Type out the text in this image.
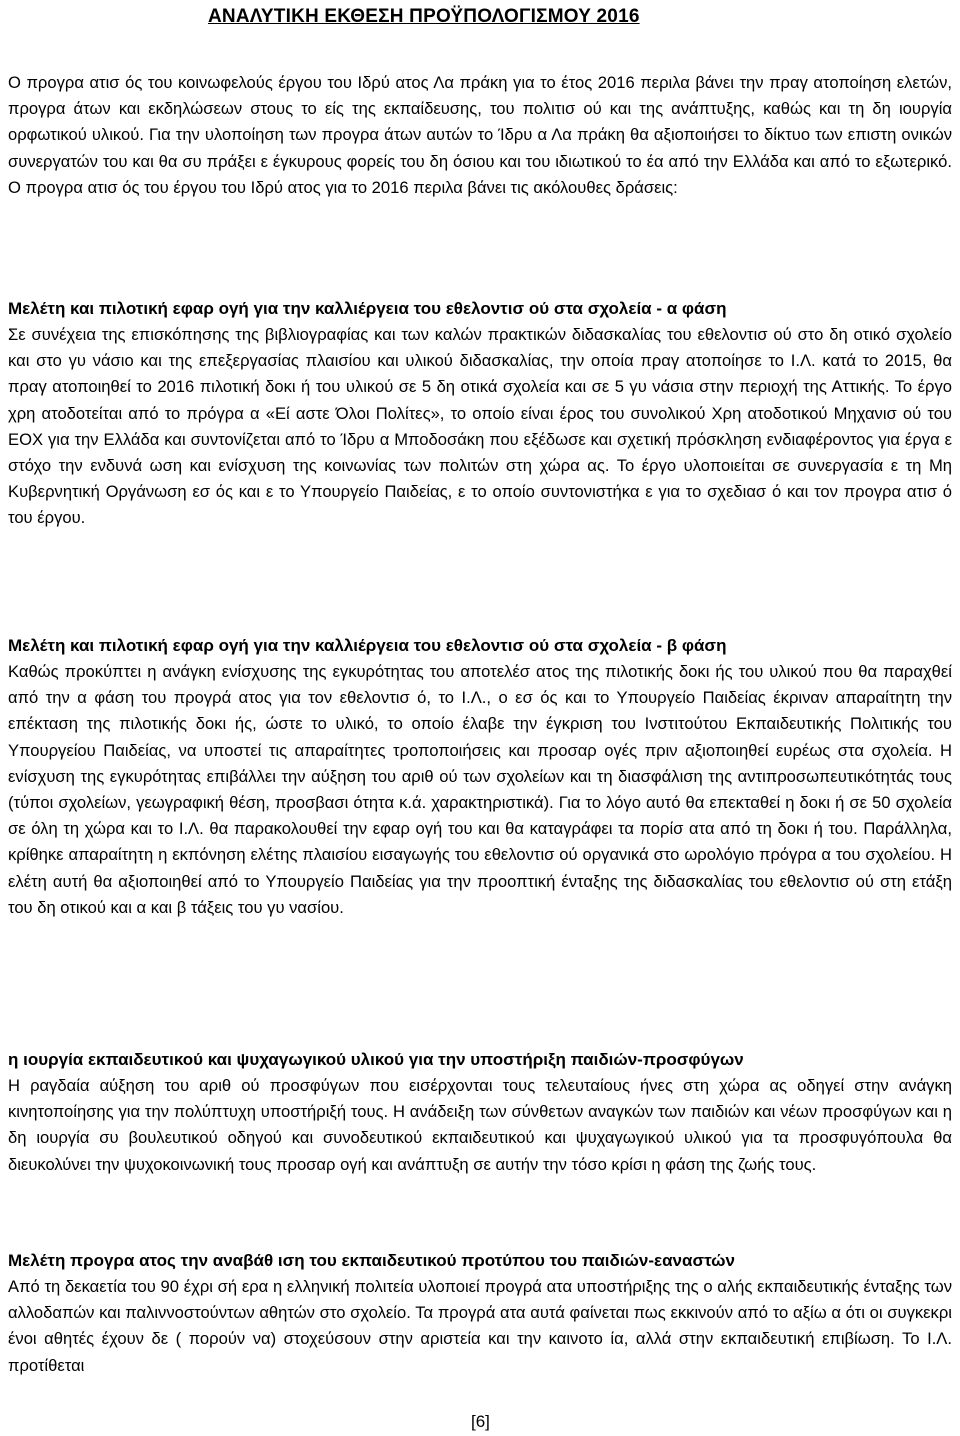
ΑΝΑΛΥΤΙΚΗ ΕΚΘΕΣΗ ΠΡΟΫΠΟΛΟΓΙΣΜΟΥ 2016

Ο προγρα ατισ ός του κοινωφελούς έργου του Ιδρύ ατος Λα πράκη για το έτος 2016 περιλα βάνει την πραγ ατοποίηση ελετών, προγρα άτων και εκδηλώσεων στους το είς της εκπαίδευσης, του πολιτισ ού και της ανάπτυξης, καθώς και τη δη ιουργία ορφωτικού υλικού. Για την υλοποίηση των προγρα άτων αυτών το Ίδρυ α Λα πράκη θα αξιοποιήσει το δίκτυο των επιστη ονικών συνεργατών του και θα συ πράξει ε έγκυρους φορείς του δη όσιου και του ιδιωτικού το έα από την Ελλάδα και από το εξωτερικό. Ο προγρα ατισ ός του έργου του Ιδρύ ατος για το 2016 περιλα βάνει τις ακόλουθες δράσεις:

Μελέτη και πιλοτική εφαρ ογή για την καλλιέργεια του εθελοντισ ού στα σχολεία - α φάση

Σε συνέχεια της επισκόπησης της βιβλιογραφίας και των καλών πρακτικών διδασκαλίας του εθελοντισ ού στο δη οτικό σχολείο και στο γυ νάσιο και της επεξεργασίας πλαισίου και υλικού διδασκαλίας, την οποία πραγ ατοποίησε το Ι.Λ. κατά το 2015, θα πραγ ατοποιηθεί το 2016 πιλοτική δοκι ή του υλικού σε 5 δη οτικά σχολεία και σε 5 γυ νάσια στην περιοχή της Αττικής. Το έργο χρη ατοδοτείται από το πρόγρα α «Εί αστε Όλοι Πολίτες», το οποίο είναι έρος του συνολικού Χρη ατοδοτικού Μηχανισ ού του ΕΟΧ για την Ελλάδα και συντονίζεται από το Ίδρυ α Μποδοσάκη που εξέδωσε και σχετική πρόσκληση ενδιαφέροντος για έργα ε στόχο την ενδυνά ωση και ενίσχυση της κοινωνίας των πολιτών στη χώρα ας. Το έργο υλοποιείται σε συνεργασία ε τη Μη Κυβερνητική Οργάνωση εσ ός και ε το Υπουργείο Παιδείας, ε το οποίο συντονιστήκα ε για το σχεδιασ ό και τον προγρα ατισ ό του έργου.

Μελέτη και πιλοτική εφαρ ογή για την καλλιέργεια του εθελοντισ ού στα σχολεία - β φάση

Καθώς προκύπτει η ανάγκη ενίσχυσης της εγκυρότητας του αποτελέσ ατος της πιλοτικής δοκι ής του υλικού που θα παραχθεί από την α φάση του προγρά ατος για τον εθελοντισ ό, το Ι.Λ., ο εσ ός και το Υπουργείο Παιδείας έκριναν απαραίτητη την επέκταση της πιλοτικής δοκι ής, ώστε το υλικό, το οποίο έλαβε την έγκριση του Ινστιτούτου Εκπαιδευτικής Πολιτικής του Υπουργείου Παιδείας, να υποστεί τις απαραίτητες τροποποιήσεις και προσαρ ογές πριν αξιοποιηθεί ευρέως στα σχολεία. Η ενίσχυση της εγκυρότητας επιβάλλει την αύξηση του αριθ ού των σχολείων και τη διασφάλιση της αντιπροσωπευτικότητάς τους (τύποι σχολείων, γεωγραφική θέση, προσβασι ότητα κ.ά. χαρακτηριστικά). Για το λόγο αυτό θα επεκταθεί η δοκι ή σε 50 σχολεία σε όλη τη χώρα και το Ι.Λ. θα παρακολουθεί την εφαρ ογή του και θα καταγράφει τα πορίσ ατα από τη δοκι ή του. Παράλληλα, κρίθηκε απαραίτητη η εκπόνηση ελέτης πλαισίου εισαγωγής του εθελοντισ ού οργανικά στο ωρολόγιο πρόγρα α του σχολείου. Η ελέτη αυτή θα αξιοποιηθεί από το Υπουργείο Παιδείας για την προοπτική ένταξης της διδασκαλίας του εθελοντισ ού στη ετάξη του δη οτικού και α και β τάξεις του γυ νασίου.

η ιουργία εκπαιδευτικού και ψυχαγωγικού υλικού για την υποστήριξη παιδιών-προσφύγων

Η ραγδαία αύξηση του αριθ ού προσφύγων που εισέρχονται τους τελευταίους ήνες στη χώρα ας οδηγεί στην ανάγκη κινητοποίησης για την πολύπτυχη υποστήριξή τους. Η ανάδειξη των σύνθετων αναγκών των παιδιών και νέων προσφύγων και η δη ιουργία συ βουλευτικού οδηγού και συνοδευτικού εκπαιδευτικού και ψυχαγωγικού υλικού για τα προσφυγόπουλα θα διευκολύνει την ψυχοκοινωνική τους προσαρ ογή και ανάπτυξη σε αυτήν την τόσο κρίσι η φάση της ζωής τους.

Μελέτη προγρα ατος την αναβάθ ιση του εκπαιδευτικού προτύπου του παιδιών-εαναστών

Από τη δεκαετία του 90 έχρι σή ερα η ελληνική πολιτεία υλοποιεί προγρά ατα υποστήριξης της ο αλής εκπαιδευτικής ένταξης των αλλοδαπών και παλιννοστούντων αθητών στο σχολείο. Τα προγρά ατα αυτά φαίνεται πως εκκινούν από το αξίω α ότι οι συγκεκρι ένοι αθητές έχουν δε ( πορούν να) στοχεύσουν στην αριστεία και την καινοτο ία, αλλά στην εκπαιδευτική επιβίωση. Το Ι.Λ. προτίθεται

[6]
